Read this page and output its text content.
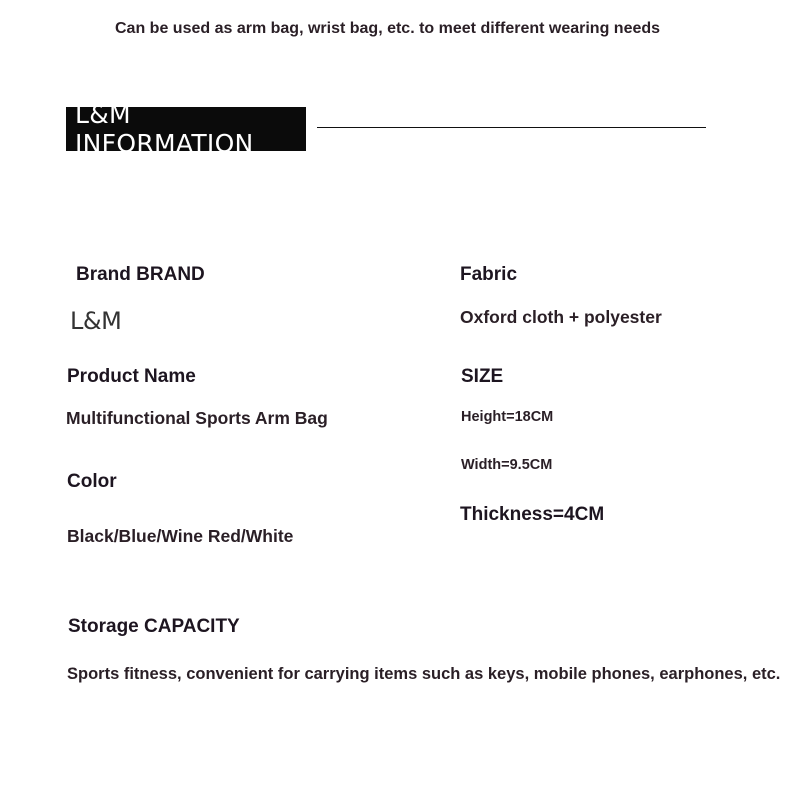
Can be used as arm bag, wrist bag, etc. to meet different wearing needs
L&M INFORMATION
Brand BRAND
L&M
Product Name
Multifunctional Sports Arm Bag
Color
Black/Blue/Wine Red/White
Fabric
Oxford cloth + polyester
SIZE
Height=18CM
Width=9.5CM
Thickness=4CM
Storage CAPACITY
Sports fitness, convenient for carrying items such as keys, mobile phones, earphones, etc.
